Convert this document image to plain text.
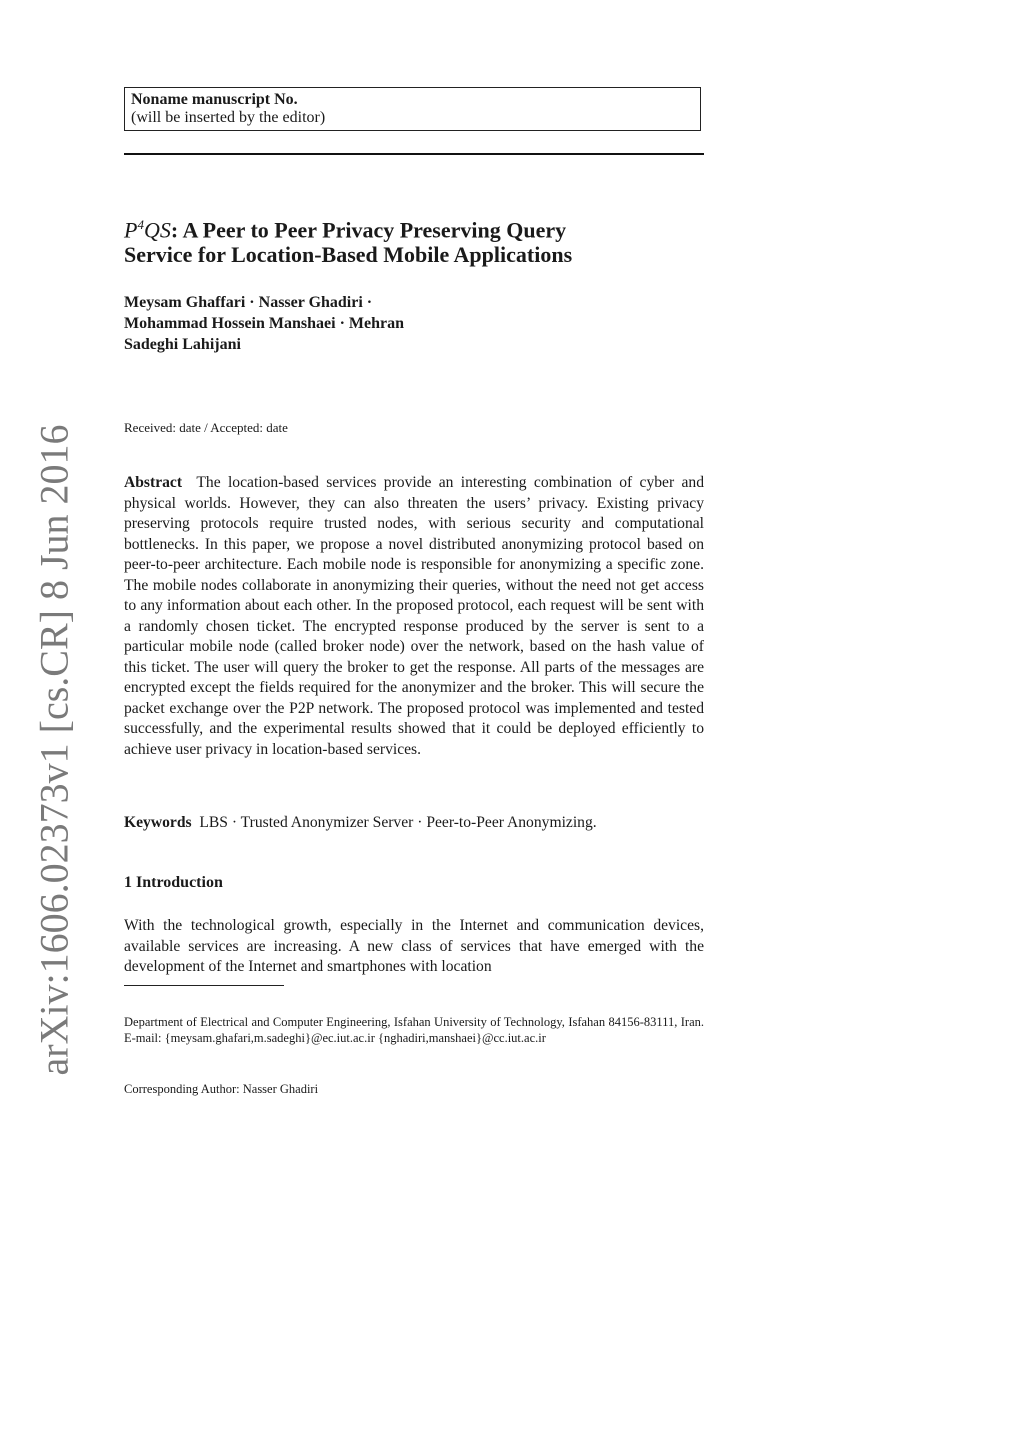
arXiv:1606.02373v1 [cs.CR] 8 Jun 2016
Noname manuscript No.
(will be inserted by the editor)
$P^4QS$: A Peer to Peer Privacy Preserving Query
Service for Location-Based Mobile Applications
Meysam Ghaffari · Nasser Ghadiri ·
Mohammad Hossein Manshaei · Mehran
Sadeghi Lahijani
Received: date / Accepted: date

Abstract The location-based services provide an interesting combination of cyber and physical worlds. However, they can also threaten the users’ privacy. Existing privacy preserving protocols require trusted nodes, with serious security and computational bottlenecks. In this paper, we propose a novel distributed anonymizing protocol based on peer-to-peer architecture. Each mobile node is responsible for anonymizing a specific zone. The mobile nodes collaborate in anonymizing their queries, without the need not get access to any information about each other. In the proposed protocol, each request will be sent with a randomly chosen ticket. The encrypted response produced by the server is sent to a particular mobile node (called broker node) over the network, based on the hash value of this ticket. The user will query the broker to get the response. All parts of the messages are encrypted except the fields required for the anonymizer and the broker. This will secure the packet exchange over the P2P network. The proposed protocol was implemented and tested successfully, and the experimental results showed that it could be deployed efficiently to achieve user privacy in location-based services.

Keywords LBS · Trusted Anonymizer Server · Peer-to-Peer Anonymizing.
1 Introduction

With the technological growth, especially in the Internet and communication devices, available services are increasing. A new class of services that have emerged with the development of the Internet and smartphones with location

Department of Electrical and Computer Engineering, Isfahan University of Technology, Isfahan 84156-83111, Iran. E-mail: {meysam.ghafari,m.sadeghi}@ec.iut.ac.ir {nghadiri,manshaei}@cc.iut.ac.ir

Corresponding Author: Nasser Ghadiri
